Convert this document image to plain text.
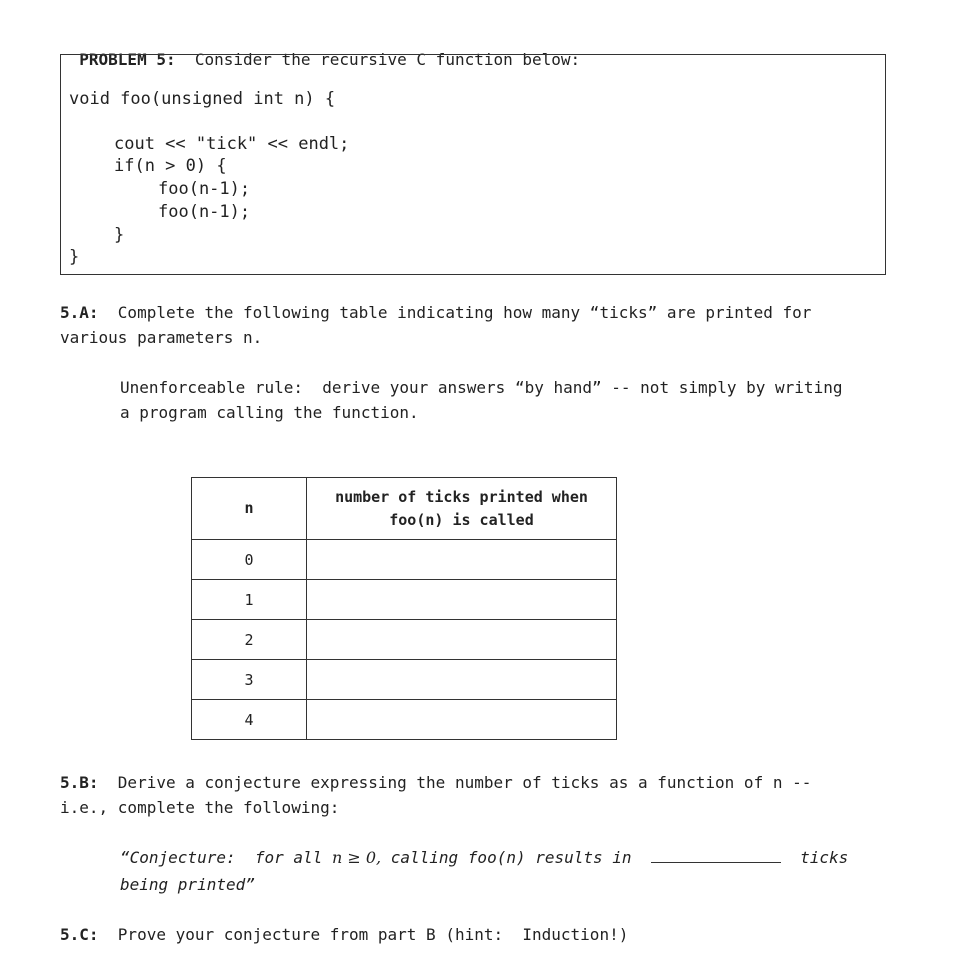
PROBLEM 5: Consider the recursive C function below:

void foo(unsigned int n) {
cout << "tick" << endl;
if(n > 0) {
foo(n-1);
foo(n-1);
}
}
5.A: Complete the following table indicating how many “ticks” are printed for
various parameters n.
Unenforceable rule:  derive your answers “by hand” -- not simply by writing
a program calling the function.
n	number of ticks printed when
foo(n) is called

0	
1	
2	
3	
4	
5.B: Derive a conjecture expressing the number of ticks as a function of n --
i.e., complete the following:
“Conjecture: for all n ≥ 0, calling foo(n) results in	ticks
being printed”
5.C: Prove your conjecture from part B (hint:  Induction!)
